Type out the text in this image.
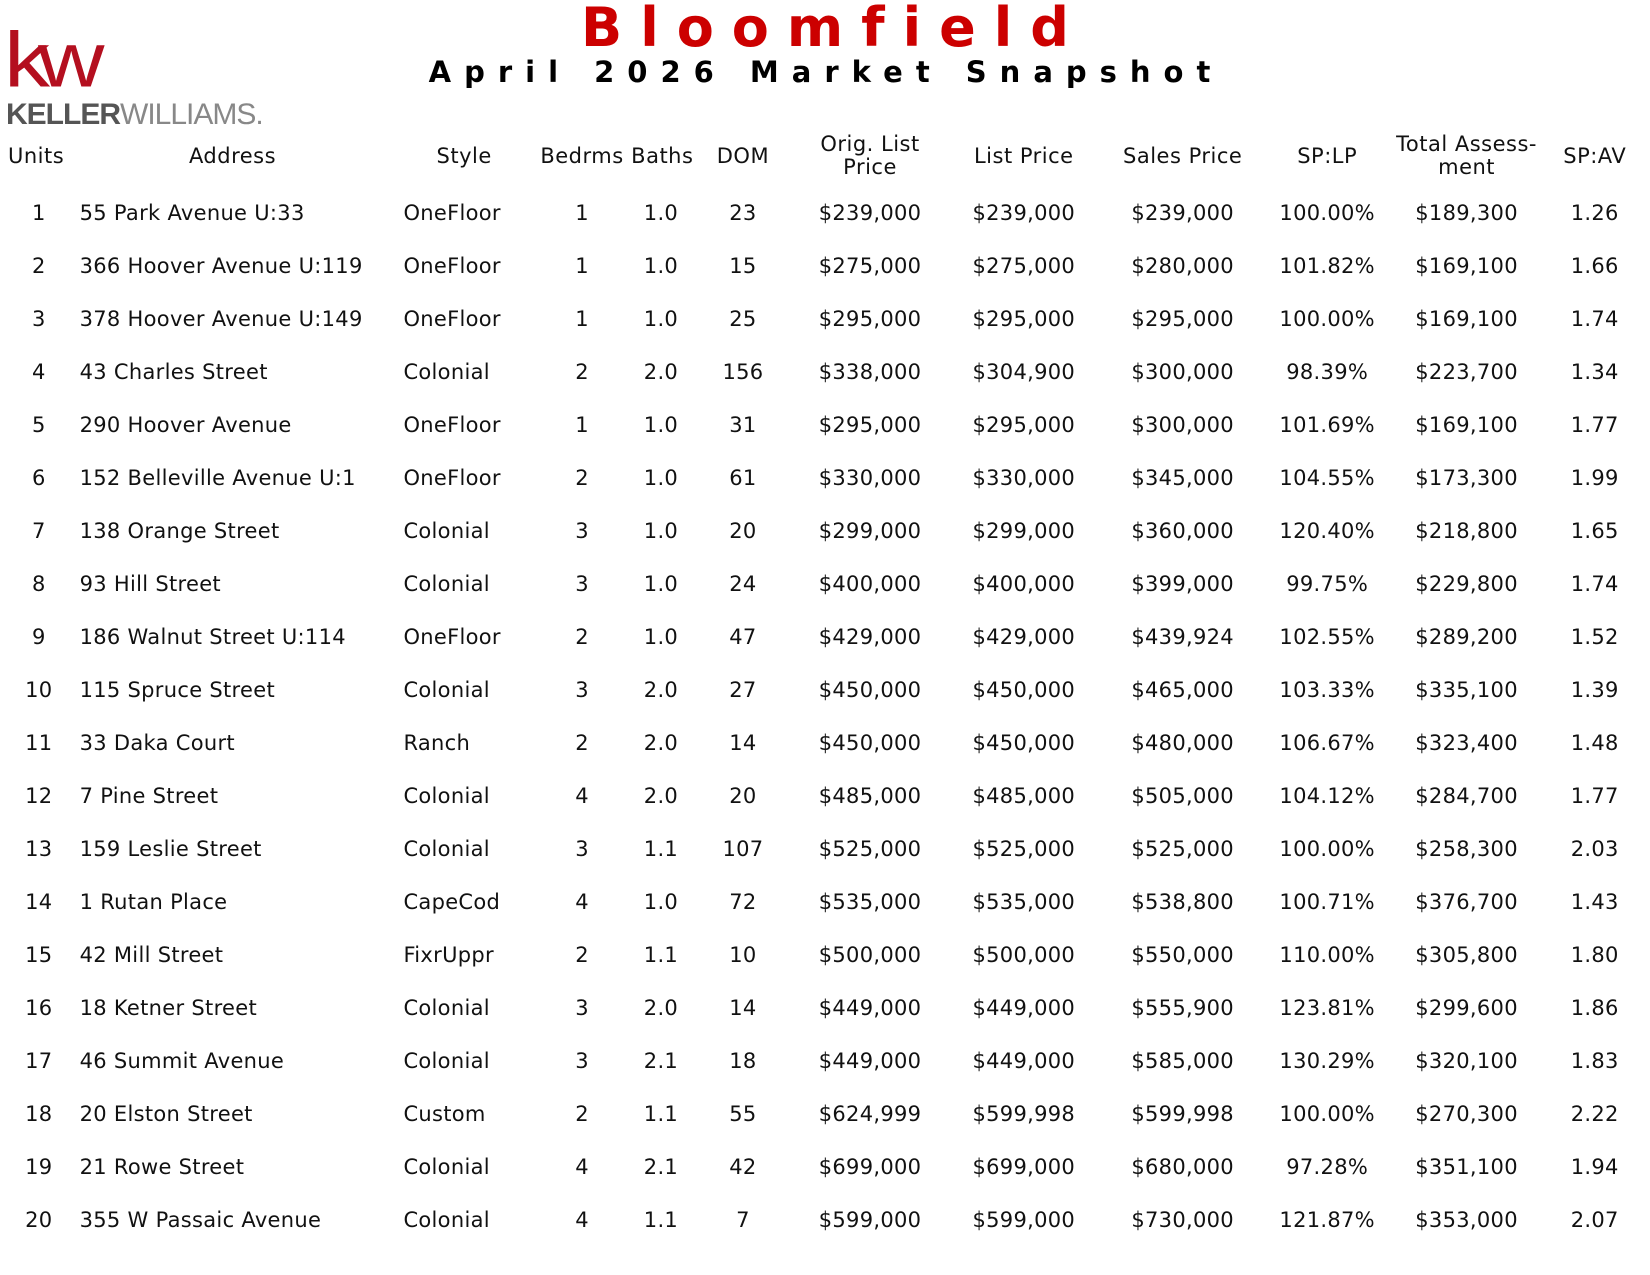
kw
KELLERWILLIAMS.
Bloomfield
April 2026 Market Snapshot
Units	Address	Style	Bedrms	Baths	DOM	Orig. List Price	List Price	Sales Price	SP:LP	Total Assess-ment	SP:AV
1	55 Park Avenue U:33	OneFloor	1	1.0	23	$239,000	$239,000	$239,000	100.00%	$189,300	1.26
2	366 Hoover Avenue U:119	OneFloor	1	1.0	15	$275,000	$275,000	$280,000	101.82%	$169,100	1.66
3	378 Hoover Avenue U:149	OneFloor	1	1.0	25	$295,000	$295,000	$295,000	100.00%	$169,100	1.74
4	43 Charles Street	Colonial	2	2.0	156	$338,000	$304,900	$300,000	98.39%	$223,700	1.34
5	290 Hoover Avenue	OneFloor	1	1.0	31	$295,000	$295,000	$300,000	101.69%	$169,100	1.77
6	152 Belleville Avenue U:1	OneFloor	2	1.0	61	$330,000	$330,000	$345,000	104.55%	$173,300	1.99
7	138 Orange Street	Colonial	3	1.0	20	$299,000	$299,000	$360,000	120.40%	$218,800	1.65
8	93 Hill Street	Colonial	3	1.0	24	$400,000	$400,000	$399,000	99.75%	$229,800	1.74
9	186 Walnut Street U:114	OneFloor	2	1.0	47	$429,000	$429,000	$439,924	102.55%	$289,200	1.52
10	115 Spruce Street	Colonial	3	2.0	27	$450,000	$450,000	$465,000	103.33%	$335,100	1.39
11	33 Daka Court	Ranch	2	2.0	14	$450,000	$450,000	$480,000	106.67%	$323,400	1.48
12	7 Pine Street	Colonial	4	2.0	20	$485,000	$485,000	$505,000	104.12%	$284,700	1.77
13	159 Leslie Street	Colonial	3	1.1	107	$525,000	$525,000	$525,000	100.00%	$258,300	2.03
14	1 Rutan Place	CapeCod	4	1.0	72	$535,000	$535,000	$538,800	100.71%	$376,700	1.43
15	42 Mill Street	FixrUppr	2	1.1	10	$500,000	$500,000	$550,000	110.00%	$305,800	1.80
16	18 Ketner Street	Colonial	3	2.0	14	$449,000	$449,000	$555,900	123.81%	$299,600	1.86
17	46 Summit Avenue	Colonial	3	2.1	18	$449,000	$449,000	$585,000	130.29%	$320,100	1.83
18	20 Elston Street	Custom	2	1.1	55	$624,999	$599,998	$599,998	100.00%	$270,300	2.22
19	21 Rowe Street	Colonial	4	2.1	42	$699,000	$699,000	$680,000	97.28%	$351,100	1.94
20	355 W Passaic Avenue	Colonial	4	1.1	7	$599,000	$599,000	$730,000	121.87%	$353,000	2.07
